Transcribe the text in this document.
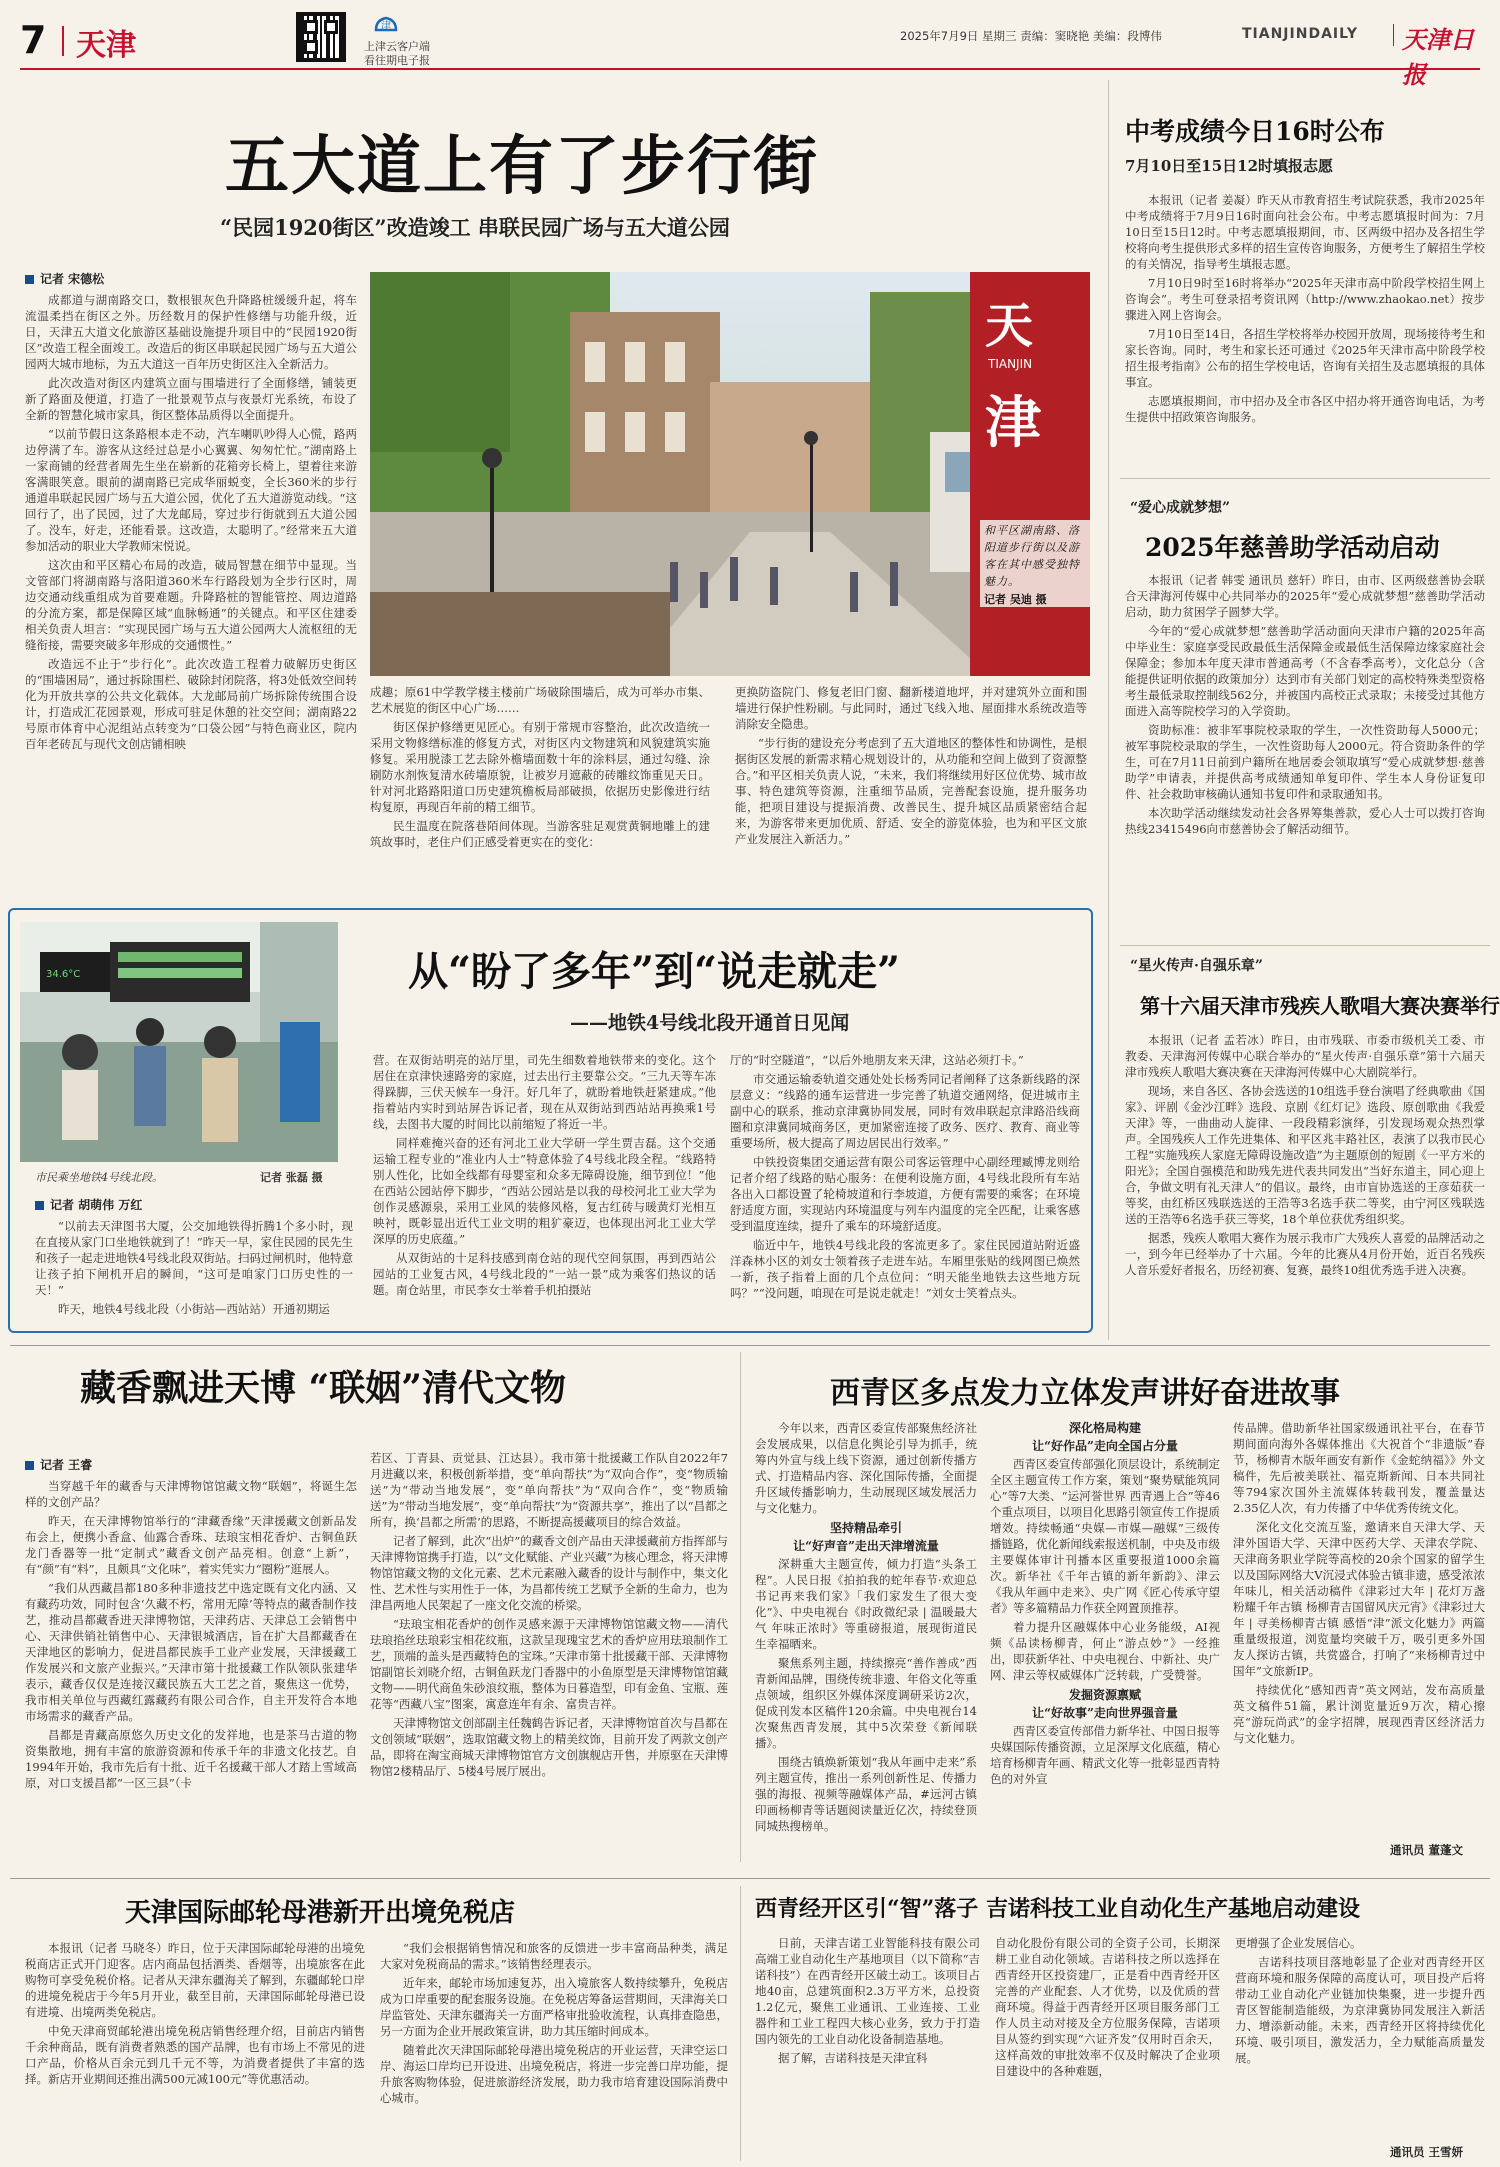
7 天津
津
上津云客户端
看往期电子报
2025年7月9日 星期三 责编：窦晓艳 美编：段博伟	TIANJINDAILY 天津日报
五大道上有了步行街
“民园1920街区”改造竣工 串联民园广场与五大道公园
记者 宋德松

成都道与湖南路交口，数根银灰色升降路桩缓缓升起，将车流温柔挡在街区之外。历经数月的保护性修缮与功能升级，近日，天津五大道文化旅游区基础设施提升项目中的“民园1920街区”改造工程全面竣工。改造后的街区串联起民园广场与五大道公园两大城市地标，为五大道这一百年历史街区注入全新活力。

此次改造对街区内建筑立面与围墙进行了全面修缮，铺装更新了路面及便道，打造了一批景观节点与夜景灯光系统，布设了全新的智慧化城市家具，街区整体品质得以全面提升。

“以前节假日这条路根本走不动，汽车喇叭吵得人心慌，路两边停满了车。游客从这经过总是小心翼翼、匆匆忙忙。”湖南路上一家商铺的经营者周先生坐在崭新的花箱旁长椅上，望着往来游客满眼笑意。眼前的湖南路已完成华丽蜕变，全长360米的步行通道串联起民园广场与五大道公园，优化了五大道游览动线。“这回行了，出了民园，过了大龙邮局，穿过步行街就到五大道公园了。没车，好走，还能看景。这改造，太聪明了。”经常来五大道参加活动的职业大学教师宋悦说。

这次由和平区精心布局的改造，破局智慧在细节中显现。当文管部门将湖南路与洛阳道360米车行路段划为全步行区时，周边交通动线重组成为首要难题。升降路桩的智能管控、周边道路的分流方案，都是保障区域“血脉畅通”的关键点。和平区住建委相关负责人坦言：“实现民园广场与五大道公园两大人流枢纽的无缝衔接，需要突破多年形成的交通惯性。”

改造远不止于“步行化”。此次改造工程着力破解历史街区的“围墙困局”，通过拆除围栏、破除封闭院落，将3处低效空间转化为开放共享的公共文化载体。大龙邮局前广场拆除传统围合设计，打造成汇花园景观，形成可驻足休憩的社交空间；湖南路22号原市体育中心泥组站点转变为“口袋公园”与特色商业区，院内百年老砖瓦与现代文创店铺相映

天
TIANJIN
津
和平区湖南路、洛阳道步行街以及游客在其中感受独特魅力。
记者 吴迪 摄

成趣；原61中学教学楼主楼前广场破除围墙后，成为可举办市集、艺术展览的街区中心广场……

街区保护修缮更见匠心。有别于常规市容整治，此次改造统一采用文物修缮标准的修复方式，对街区内文物建筑和风貌建筑实施修复。采用脱漆工艺去除外檐墙面数十年的涂料层，通过勾缝、涂刷防水剂恢复清水砖墙原貌，让被岁月遮蔽的砖雕纹饰重见天日。针对河北路路阳道口历史建筑檐板局部破损，依据历史影像进行结构复原，再现百年前的精工细节。

民生温度在院落巷陌间体现。当游客驻足观赏黄铜地雕上的建筑故事时，老住户们正感受着更实在的变化：

更换防盗院门、修复老旧门窗、翻新楼道地坪，并对建筑外立面和围墙进行保护性粉刷。与此同时，通过飞线入地、屋面排水系统改造等消除安全隐患。

“步行街的建设充分考虑到了五大道地区的整体性和协调性，是根据街区发展的新需求精心规划设计的，从功能和空间上做到了资源整合。”和平区相关负责人说，“未来，我们将继续用好区位优势、城市故事、特色建筑等资源，注重细节品质，完善配套设施，提升服务功能，把项目建设与提振消费、改善民生、提升城区品质紧密结合起来，为游客带来更加优质、舒适、安全的游览体验，也为和平区文旅产业发展注入新活力。”

34.6°C
市民乘坐地铁4号线北段。	记者 张磊 摄
记者 胡萌伟 万红

“以前去天津图书大厦，公交加地铁得折腾1个多小时，现在直接从家门口坐地铁就到了！”昨天一早，家住民园的民先生和孩子一起走进地铁4号线北段双街站。扫码过闸机时，他特意让孩子拍下闸机开启的瞬间，“这可是咱家门口历史性的一天！”

昨天，地铁4号线北段（小街站—西站站）开通初期运

从“盼了多年”到“说走就走”
——地铁4号线北段开通首日见闻

营。在双街站明亮的站厅里，司先生细数着地铁带来的变化。这个居住在京津快速路旁的家庭，过去出行主要靠公交。“三九天等车冻得跺脚，三伏天候车一身汗。好几年了，就盼着地铁赶紧建成。”他指着站内实时到站屏告诉记者，现在从双街站到西站站再换乘1号线，去图书大厦的时间比以前缩短了将近一半。

同样难掩兴奋的还有河北工业大学研一学生贾吉磊。这个交通运输工程专业的“准业内人士”特意体验了4号线北段全程。“线路特别人性化，比如全线都有母婴室和众多无障碍设施，细节到位！”他在西站公园站停下脚步，“西站公园站是以我的母校河北工业大学为创作灵感源泉，采用工业风的装修风格，复古红砖与暖黄灯光相互映衬，既彰显出近代工业文明的粗犷豪迈，也体现出河北工业大学深厚的历史底蕴。”

从双街站的十足科技感到南仓站的现代空间氛围，再到西站公园站的工业复古风，4号线北段的“一站一景”成为乘客们热议的话题。南仓站里，市民李女士举着手机拍摄站

厅的“时空隧道”，“以后外地朋友来天津，这站必须打卡。”

市交通运输委轨道交通处处长杨秀同记者阐释了这条新线路的深层意义：“线路的通车运营进一步完善了轨道交通网络，促进城市主副中心的联系，推动京津冀协同发展，同时有效串联起京津路沿线商圈和京津冀同城商务区，更加紧密连接了政务、医疗、教育、商业等重要场所，极大提高了周边居民出行效率。”

中铁投资集团交通运营有限公司客运管理中心副经理臧博龙则给记者介绍了线路的贴心服务：在便利设施方面，4号线北段所有车站各出入口都设置了轮椅坡道和行李坡道，方便有需要的乘客；在环境舒适度方面，实现站内环境温度与列车内温度的完全匹配，让乘客感受到温度连续，提升了乘车的环境舒适度。

临近中午，地铁4号线北段的客流更多了。家住民园道站附近盛洋森林小区的刘女士领着孩子走进车站。车厢里张贴的线网图已焕然一新，孩子指着上面的几个点位问：“明天能坐地铁去这些地方玩吗？”“没问题，咱现在可是说走就走！”刘女士笑着点头。

中考成绩今日16时公布
7月10日至15日12时填报志愿

本报讯（记者 姜凝）昨天从市教育招生考试院获悉，我市2025年中考成绩将于7月9日16时面向社会公布。中考志愿填报时间为：7月10日至15日12时。中考志愿填报期间，市、区两级中招办及各招生学校将向考生提供形式多样的招生宣传咨询服务，方便考生了解招生学校的有关情况，指导考生填报志愿。

7月10日9时至16时将举办“2025年天津市高中阶段学校招生网上咨询会”。考生可登录招考资讯网（http://www.zhaokao.net）按步骤进入网上咨询会。

7月10日至14日，各招生学校将举办校园开放周，现场接待考生和家长咨询。同时，考生和家长还可通过《2025年天津市高中阶段学校招生报考指南》公布的招生学校电话，咨询有关招生及志愿填报的具体事宜。

志愿填报期间，市中招办及全市各区中招办将开通咨询电话，为考生提供中招政策咨询服务。

“爱心成就梦想”
2025年慈善助学活动启动

本报讯（记者 韩雯 通讯员 慈轩）昨日，由市、区两级慈善协会联合天津海河传媒中心共同举办的2025年“爱心成就梦想”慈善助学活动启动，助力贫困学子圆梦大学。

今年的“爱心成就梦想”慈善助学活动面向天津市户籍的2025年高中毕业生：家庭享受民政最低生活保障金或最低生活保障边缘家庭社会保障金；参加本年度天津市普通高考（不含春季高考），文化总分（含能提供证明依据的政策加分）达到市有关部门划定的高校特殊类型资格考生最低录取控制线562分，并被国内高校正式录取；未接受过其他方面进入高等院校学习的入学资助。

资助标准：被非军事院校录取的学生，一次性资助每人5000元；被军事院校录取的学生，一次性资助每人2000元。符合资助条件的学生，可在7月11日前到户籍所在地居委会领取填写“爱心成就梦想·慈善助学”申请表，并提供高考成绩通知单复印件、学生本人身份证复印件、社会救助审核确认通知书复印件和录取通知书。

本次助学活动继续发动社会各界筹集善款，爱心人士可以拨打咨询热线23415496向市慈善协会了解活动细节。

“星火传声·自强乐章”
第十六届天津市残疾人歌唱大赛决赛举行

本报讯（记者 孟若冰）昨日，由市残联、市委市级机关工委、市教委、天津海河传媒中心联合举办的“星火传声·自强乐章”第十六届天津市残疾人歌唱大赛决赛在天津海河传媒中心大剧院举行。

现场，来自各区、各协会选送的10组选手登台演唱了经典歌曲《国家》、评剧《金沙江畔》选段、京剧《红灯记》选段、原创歌曲《我爱天津》等，一曲曲动人旋律、一段段精彩演绎，引发现场观众热烈掌声。全国残疾人工作先进集体、和平区兆丰路社区，表演了以我市民心工程“实施残疾人家庭无障碍设施改造”为主题原创的短剧《一平方米的阳光》；全国自强模范和助残先进代表共同发出“当好东道主，同心迎上合，争做文明有礼天津人”的倡议。最终，由市盲协选送的王彦茹获一等奖，由红桥区残联选送的王浩等3名选手获二等奖，由宁河区残联选送的王浩等6名选手获三等奖，18个单位获优秀组织奖。

据悉，残疾人歌唱大赛作为展示我市广大残疾人喜爱的品牌活动之一，到今年已经举办了十六届。今年的比赛从4月份开始，近百名残疾人音乐爱好者报名，历经初赛、复赛，最终10组优秀选手进入决赛。

藏香飘进天博 “联姻”清代文物
记者 王睿

当穿越千年的藏香与天津博物馆馆藏文物“联姻”，将诞生怎样的文创产品？

昨天，在天津博物馆举行的“津藏香缘”天津援藏文创新品发布会上，便携小香盒、仙露合香珠、珐琅宝相花香炉、古铜鱼跃龙门香器等一批“定制式”藏香文创产品亮相。创意“上新”，有“颜”有“料”，且颇具“文化味”，着实凭实力“圈粉”逛展人。

“我们从西藏昌都180多种非遗技艺中选定既有文化内涵、又有藏药功效，同时包含‘久藏不朽，常用无障’等特点的藏香制作技艺，推动昌都藏香进天津博物馆，天津药店、天津总工会销售中心、天津供销社销售中心、天津银城酒店，旨在扩大昌都藏香在天津地区的影响力，促进昌都民族手工业产业发展，天津援藏工作发展兴和文旅产业振兴。”天津市第十批援藏工作队领队张建华表示，藏香仅仅是连接汉藏民族五大工艺之首，聚焦这一优势，我市相关单位与西藏红露藏药有限公司合作，自主开发符合本地市场需求的藏香产品。

昌都是青藏高原悠久历史文化的发祥地，也是茶马古道的物资集散地，拥有丰富的旅游资源和传承千年的非遗文化技艺。自1994年开始，我市先后有十批、近千名援藏干部人才踏上雪域高原，对口支援昌都“一区三县”（卡

若区、丁青县、贡觉县、江达县）。我市第十批援藏工作队自2022年7月进藏以来，积极创新举措，变“单向帮扶”为“双向合作”，变“物质输送”为“带动当地发展”，变“单向帮扶”为“双向合作”，变“物质输送”为“带动当地发展”，变“单向帮扶”为“资源共享”，推出了以“昌都之所有，换‘昌都之所需’的思路，不断提高援藏项目的综合效益。

记者了解到，此次“出炉”的藏香文创产品由天津援藏前方指挥部与天津博物馆携手打造，以“文化赋能、产业兴藏”为核心理念，将天津博物馆馆藏文物的文化元素、艺术元素融入藏香的设计与制作中，集文化性、艺术性与实用性于一体，为昌都传统工艺赋予全新的生命力，也为津昌两地人民架起了一座文化交流的桥梁。

“珐琅宝相花香炉的创作灵感来源于天津博物馆馆藏文物——清代珐琅掐丝珐琅彩宝相花纹瓶，这款呈现瑰宝艺术的香炉应用珐琅制作工艺，顶端的盖头是西藏特色的宝珠。”天津市第十批援藏干部、天津博物馆副馆长刘晓介绍，古铜鱼跃龙门香器中的小鱼原型是天津博物馆馆藏文物——明代商鱼朱砂浪纹瓶，整体为日暮造型，印有金鱼、宝瓶、莲花等“西藏八宝”图案，寓意连年有余、富贵吉祥。

天津博物馆文创部副主任魏鹤告诉记者，天津博物馆首次与昌都在文创领域“联姻”，选取馆藏文物上的精美纹饰，目前开发了两款文创产品，即将在淘宝商城天津博物馆官方文创旗舰店开售，并原驱在天津博物馆2楼精品厅、5楼4号展厅展出。

西青区多点发力立体发声讲好奋进故事

今年以来，西青区委宣传部聚焦经济社会发展成果，以信息化舆论引导为抓手，统筹内外宣与线上线下资源，通过创新传播方式、打造精品内容、深化国际传播，全面提升区域传播影响力，生动展现区域发展活力与文化魅力。

坚持精品牵引
让“好声音”走出天津增流量

深耕重大主题宣传，倾力打造“头条工程”。人民日报《拍拍我的蛇年春节·欢迎总书记再来我们家》「我们家发生了很大变化”》、中央电视台《时政微纪录 | 温暖最大气 年味正浓时》等重磅报道，展现街道民生幸福晒来。

聚焦系列主题，持续擦亮“善作善成”西青新闻品牌，围绕传统非遗、年俗文化等重点领域，组织区外媒体深度调研采访2次，促成刊发本区稿件120余篇。中央电视台14次聚焦西青发展，其中5次荣登《新闻联播》。

围绕古镇焕新策划“我从年画中走来”系列主题宣传，推出一系列创新性足、传播力强的海报、视频等融媒体产品，#远河古镇印画杨柳青等话题阅读量近亿次，持续登顶同城热搜榜单。

深化格局构建
让“好作品”走向全国占分量

西青区委宣传部强化顶层设计，系统制定全区主题宣传工作方案，策划“聚势赋能筑同心”等7大类、“运河誉世界 西青遇上合”等46个重点项目，以项目化思路引领宣传工作提质增效。持续畅通“央媒—市媒—融媒”三级传播链路，优化新闻线索报送机制，中央及市级主要媒体审计刊播本区重要报道1000余篇次。新华社《千年古镇的新年新韵》、津云《我从年画中走来》、央广网《匠心传承守望者》等多篇精品力作获全网置顶推荐。

着力提升区融媒体中心业务能级，AI视频《品读杨柳青，何止“游点妙”》一经推出，即获新华社、中央电视台、中新社、央广网、津云等权威媒体广泛转载，广受赞誉。

发掘资源禀赋
让“好故事”走向世界强音量

西青区委宣传部借力新华社、中国日报等央媒国际传播资源，立足深厚文化底蕴，精心培育杨柳青年画、精武文化等一批彰显西青特色的对外宣

传品牌。借助新华社国家级通讯社平台，在春节期间面向海外各媒体推出《大祝首个“非遗版”春节，杨柳青木版年画安有新作《金蛇纳福》》外文稿件，先后被美联社、福克斯新闻、日本共同社等794家次国外主流媒体转载刊发，覆盖量达2.35亿人次，有力传播了中华优秀传统文化。

深化文化交流互鉴，邀请来自天津大学、天津外国语大学、天津中医药大学、天津农学院、天津商务职业学院等高校的20余个国家的留学生以及国际网络大V沉浸式体验古镇非遗，感受浓浓年味儿，相关活动稿件《津彩过大年 | 花灯万盏粉耀千年古镇 杨柳青吉国留风庆元宵》《津彩过大年 | 寻美杨柳青古镇 感悟“津”派文化魅力》两篇重量级报道，浏览量均突破千万，吸引更多外国友人探访古镇，共赏盛合，打响了“来杨柳青过中国年”文旅新IP。

持续优化“感知西青”英文网站，发布高质量英文稿件51篇，累计浏览量近9万次，精心擦亮“游玩尚武”的金字招牌，展现西青区经济活力与文化魅力。

通讯员 董蓬文
天津国际邮轮母港新开出境免税店

本报讯（记者 马晓冬）昨日，位于天津国际邮轮母港的出境免税商店正式开门迎客。店内商品包括酒类、香烟等，出境旅客在此购物可享受免税价格。记者从天津东疆海关了解到，东疆邮轮口岸的进境免税店于今年5月开业，截至目前，天津国际邮轮母港已设有进境、出境两类免税店。

中免天津商贸邮轮港出境免税店销售经理介绍，目前店内销售千余种商品，既有消费者熟悉的国产品牌，也有市场上不常见的进口产品，价格从百余元到几千元不等，为消费者提供了丰富的选择。新店开业期间还推出满500元减100元”等优惠活动。

“我们会根据销售情况和旅客的反馈进一步丰富商品种类，满足大家对免税商品的需求。”该销售经理表示。

近年来，邮轮市场加速复苏，出入境旅客人数持续攀升，免税店成为口岸重要的配套服务设施。在免税店筹备运营期间，天津海关口岸监管处、天津东疆海关一方面严格审批验收流程，认真排查隐患，另一方面为企业开展政策宣讲，助力其压缩时间成本。

随着此次天津国际邮轮母港出境免税店的开业运营，天津空运口岸、海运口岸均已开设进、出境免税店，将进一步完善口岸功能，提升旅客购物体验，促进旅游经济发展，助力我市培育建设国际消费中心城市。

西青经开区引“智”落子 吉诺科技工业自动化生产基地启动建设

日前，天津吉诺工业智能科技有限公司高端工业自动化生产基地项目（以下简称“吉诺科技”）在西青经开区破土动工。该项目占地40亩，总建筑面积2.3万平方米，总投资1.2亿元，聚焦工业通讯、工业连接、工业器件和工业工程四大核心业务，致力于打造国内领先的工业自动化设备制造基地。

据了解，吉诺科技是天津宜科

自动化股份有限公司的全资子公司，长期深耕工业自动化领域。吉诺科技之所以选择在西青经开区投资建厂，正是看中西青经开区完善的产业配套、人才优势，以及优质的营商环境。得益于西青经开区项目服务部门工作人员主动对接及全方位服务保障，吉诺项目从签约到实现“六证齐发”仅用时百余天，这样高效的审批效率不仅及时解决了企业项目建设中的各种难题，

更增强了企业发展信心。

吉诺科技项目落地彰显了企业对西青经开区营商环境和服务保障的高度认可，项目投产后将带动工业自动化产业链加快集聚，进一步提升西青区智能制造能级，为京津冀协同发展注入新活力、增添新动能。未来，西青经开区将持续优化环境、吸引项目，激发活力，全力赋能高质量发展。

通讯员 王雪妍
